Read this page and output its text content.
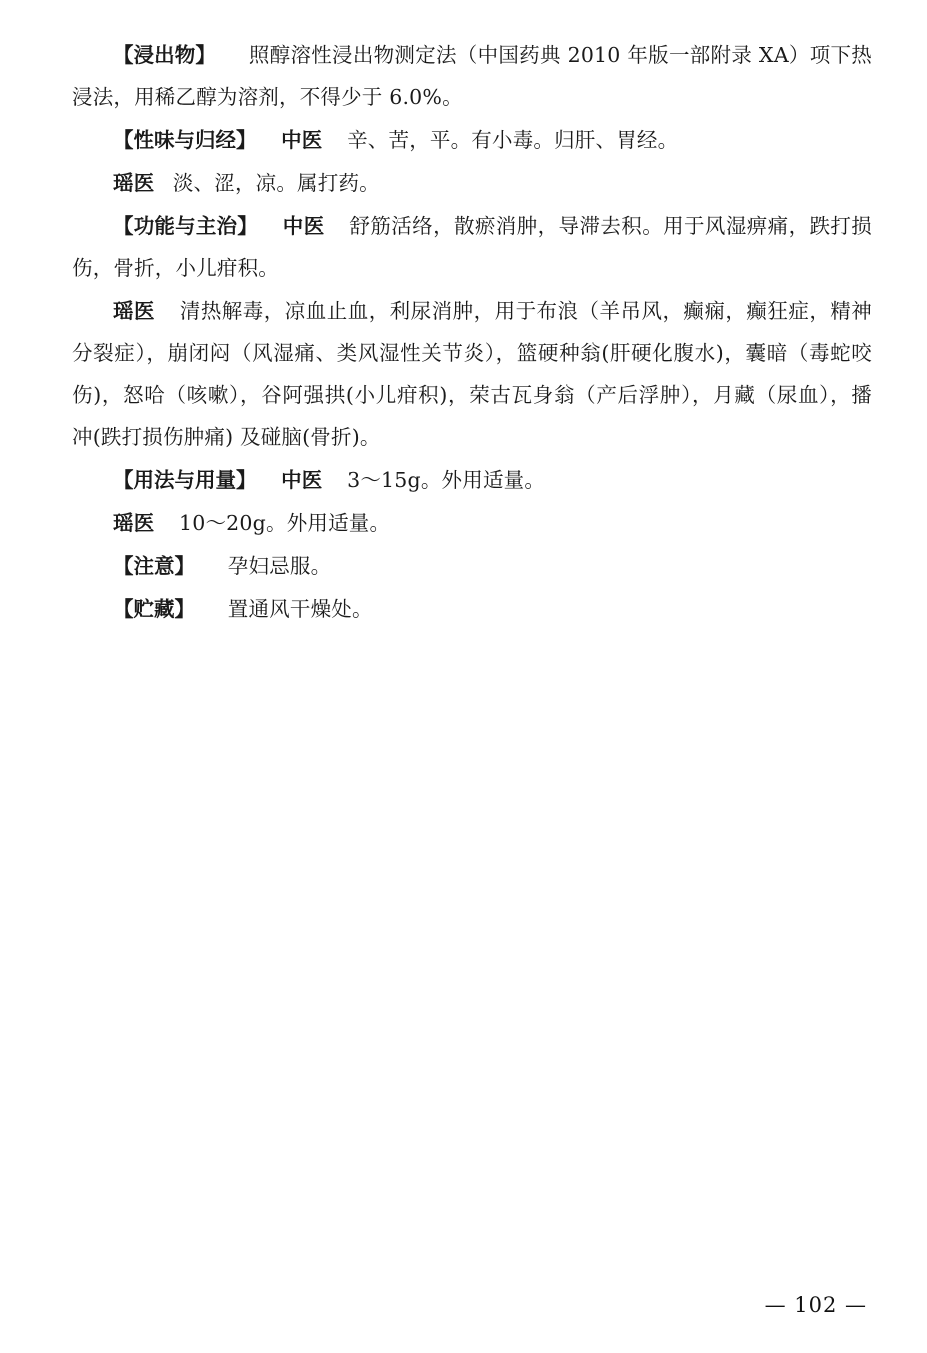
【浸出物】 照醇溶性浸出物测定法（中国药典 2010 年版一部附录 ⅩA）项下热浸法，用稀乙醇为溶剂，不得少于 6.0%。

【性味与归经】 中医 辛、苦，平。有小毒。归肝、胃经。

瑶医 淡、涩，凉。属打药。

【功能与主治】 中医 舒筋活络，散瘀消肿，导滞去积。用于风湿痹痛，跌打损伤，骨折，小儿疳积。

瑶医 清热解毒，凉血止血，利尿消肿，用于布浪（羊吊风，癫痫，癫狂症，精神分裂症），崩闭闷（风湿痛、类风湿性关节炎），篮硬种翁(肝硬化腹水)，囊暗（毒蛇咬伤)，怒哈（咳嗽），谷阿强拱(小儿疳积)，荣古瓦身翁（产后浮肿），月藏（尿血），播冲(跌打损伤肿痛) 及碰脑(骨折)。

【用法与用量】 中医 3～15g。外用适量。

瑶医 10～20g。外用适量。

【注意】 孕妇忌服。

【贮藏】 置通风干燥处。

— 102 —
